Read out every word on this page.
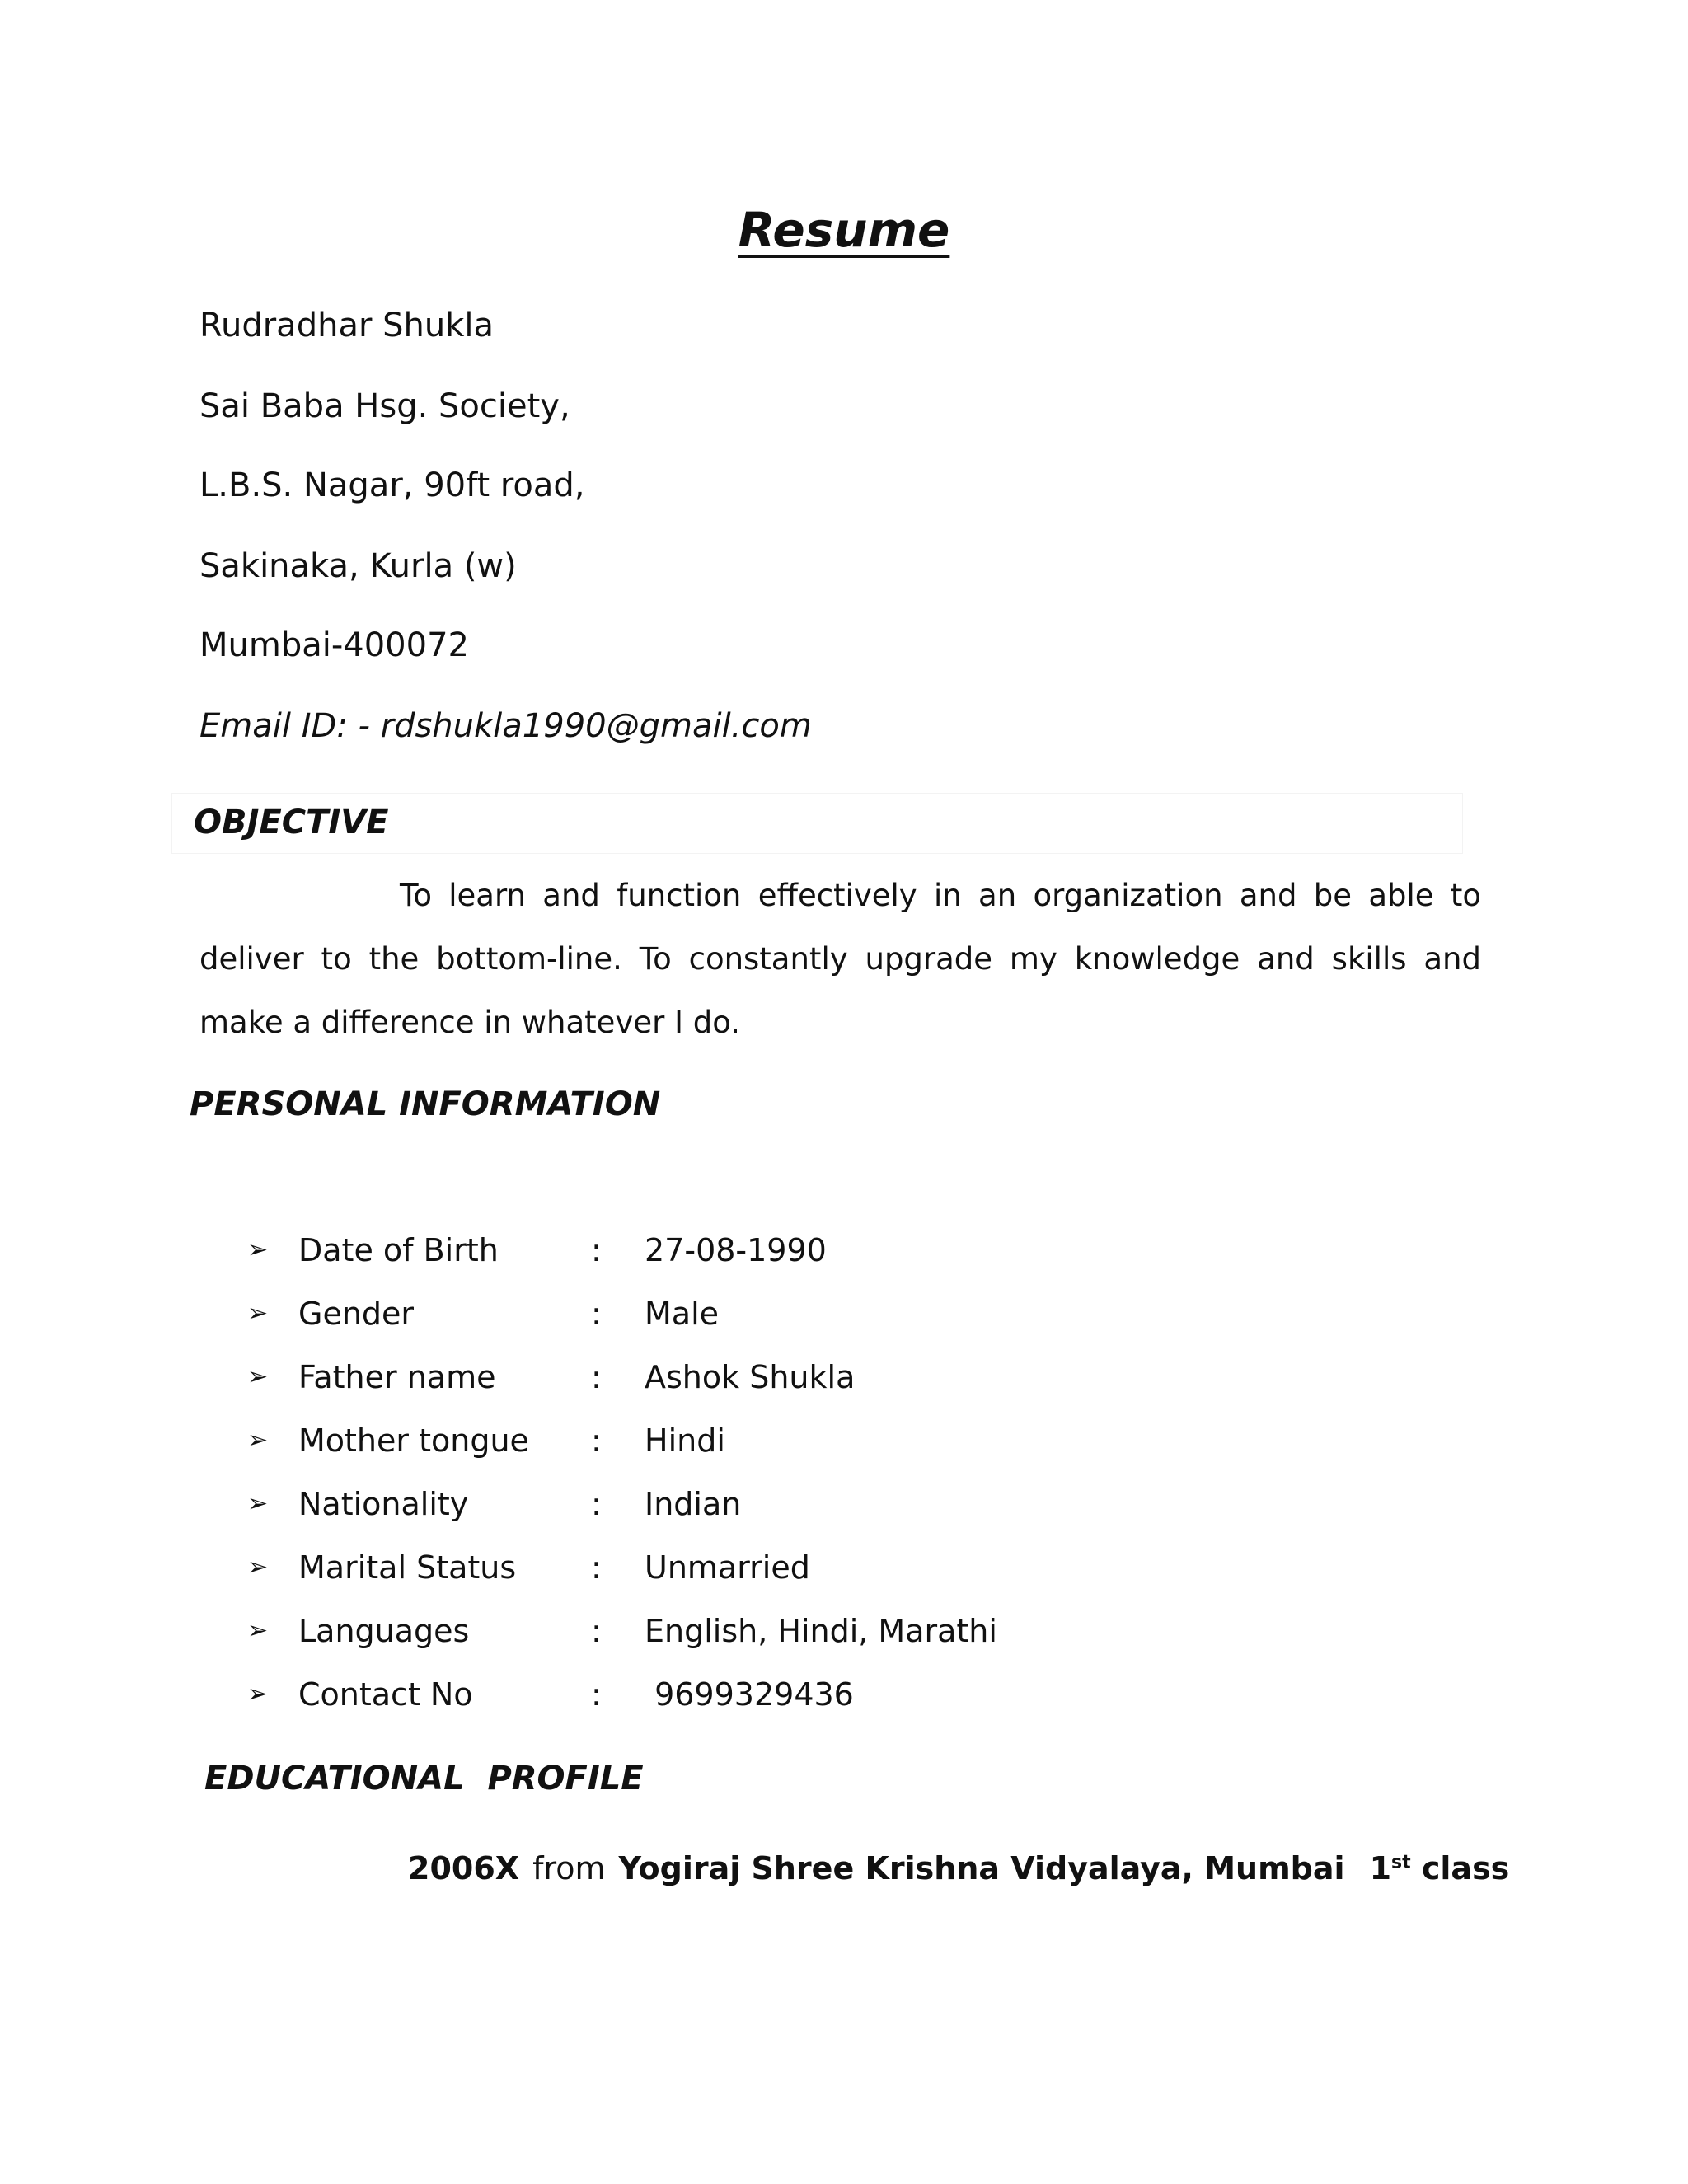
Resume
Rudradhar Shukla
Sai Baba Hsg. Society,
L.B.S. Nagar, 90ft road,
Sakinaka, Kurla (w)
Mumbai-400072
Email ID: - rdshukla1990@gmail.com
OBJECTIVE
To learn and function effectively in an organization and be able to deliver to the bottom-line. To constantly upgrade my knowledge and skills and make a difference in whatever I do.
PERSONAL INFORMATION
➢ Date of Birth	:	27-08-1990
➢ Gender	:	Male
➢ Father name	:	Ashok Shukla
➢ Mother tongue	:	Hindi
➢ Nationality	:	Indian
➢ Marital Status	:	Unmarried
➢ Languages	:	English, Hindi, Marathi
➢ Contact No	:	9699329436
EDUCATIONAL  PROFILE
2006 X from Yogiraj Shree Krishna Vidyalaya, Mumbai 1st class
